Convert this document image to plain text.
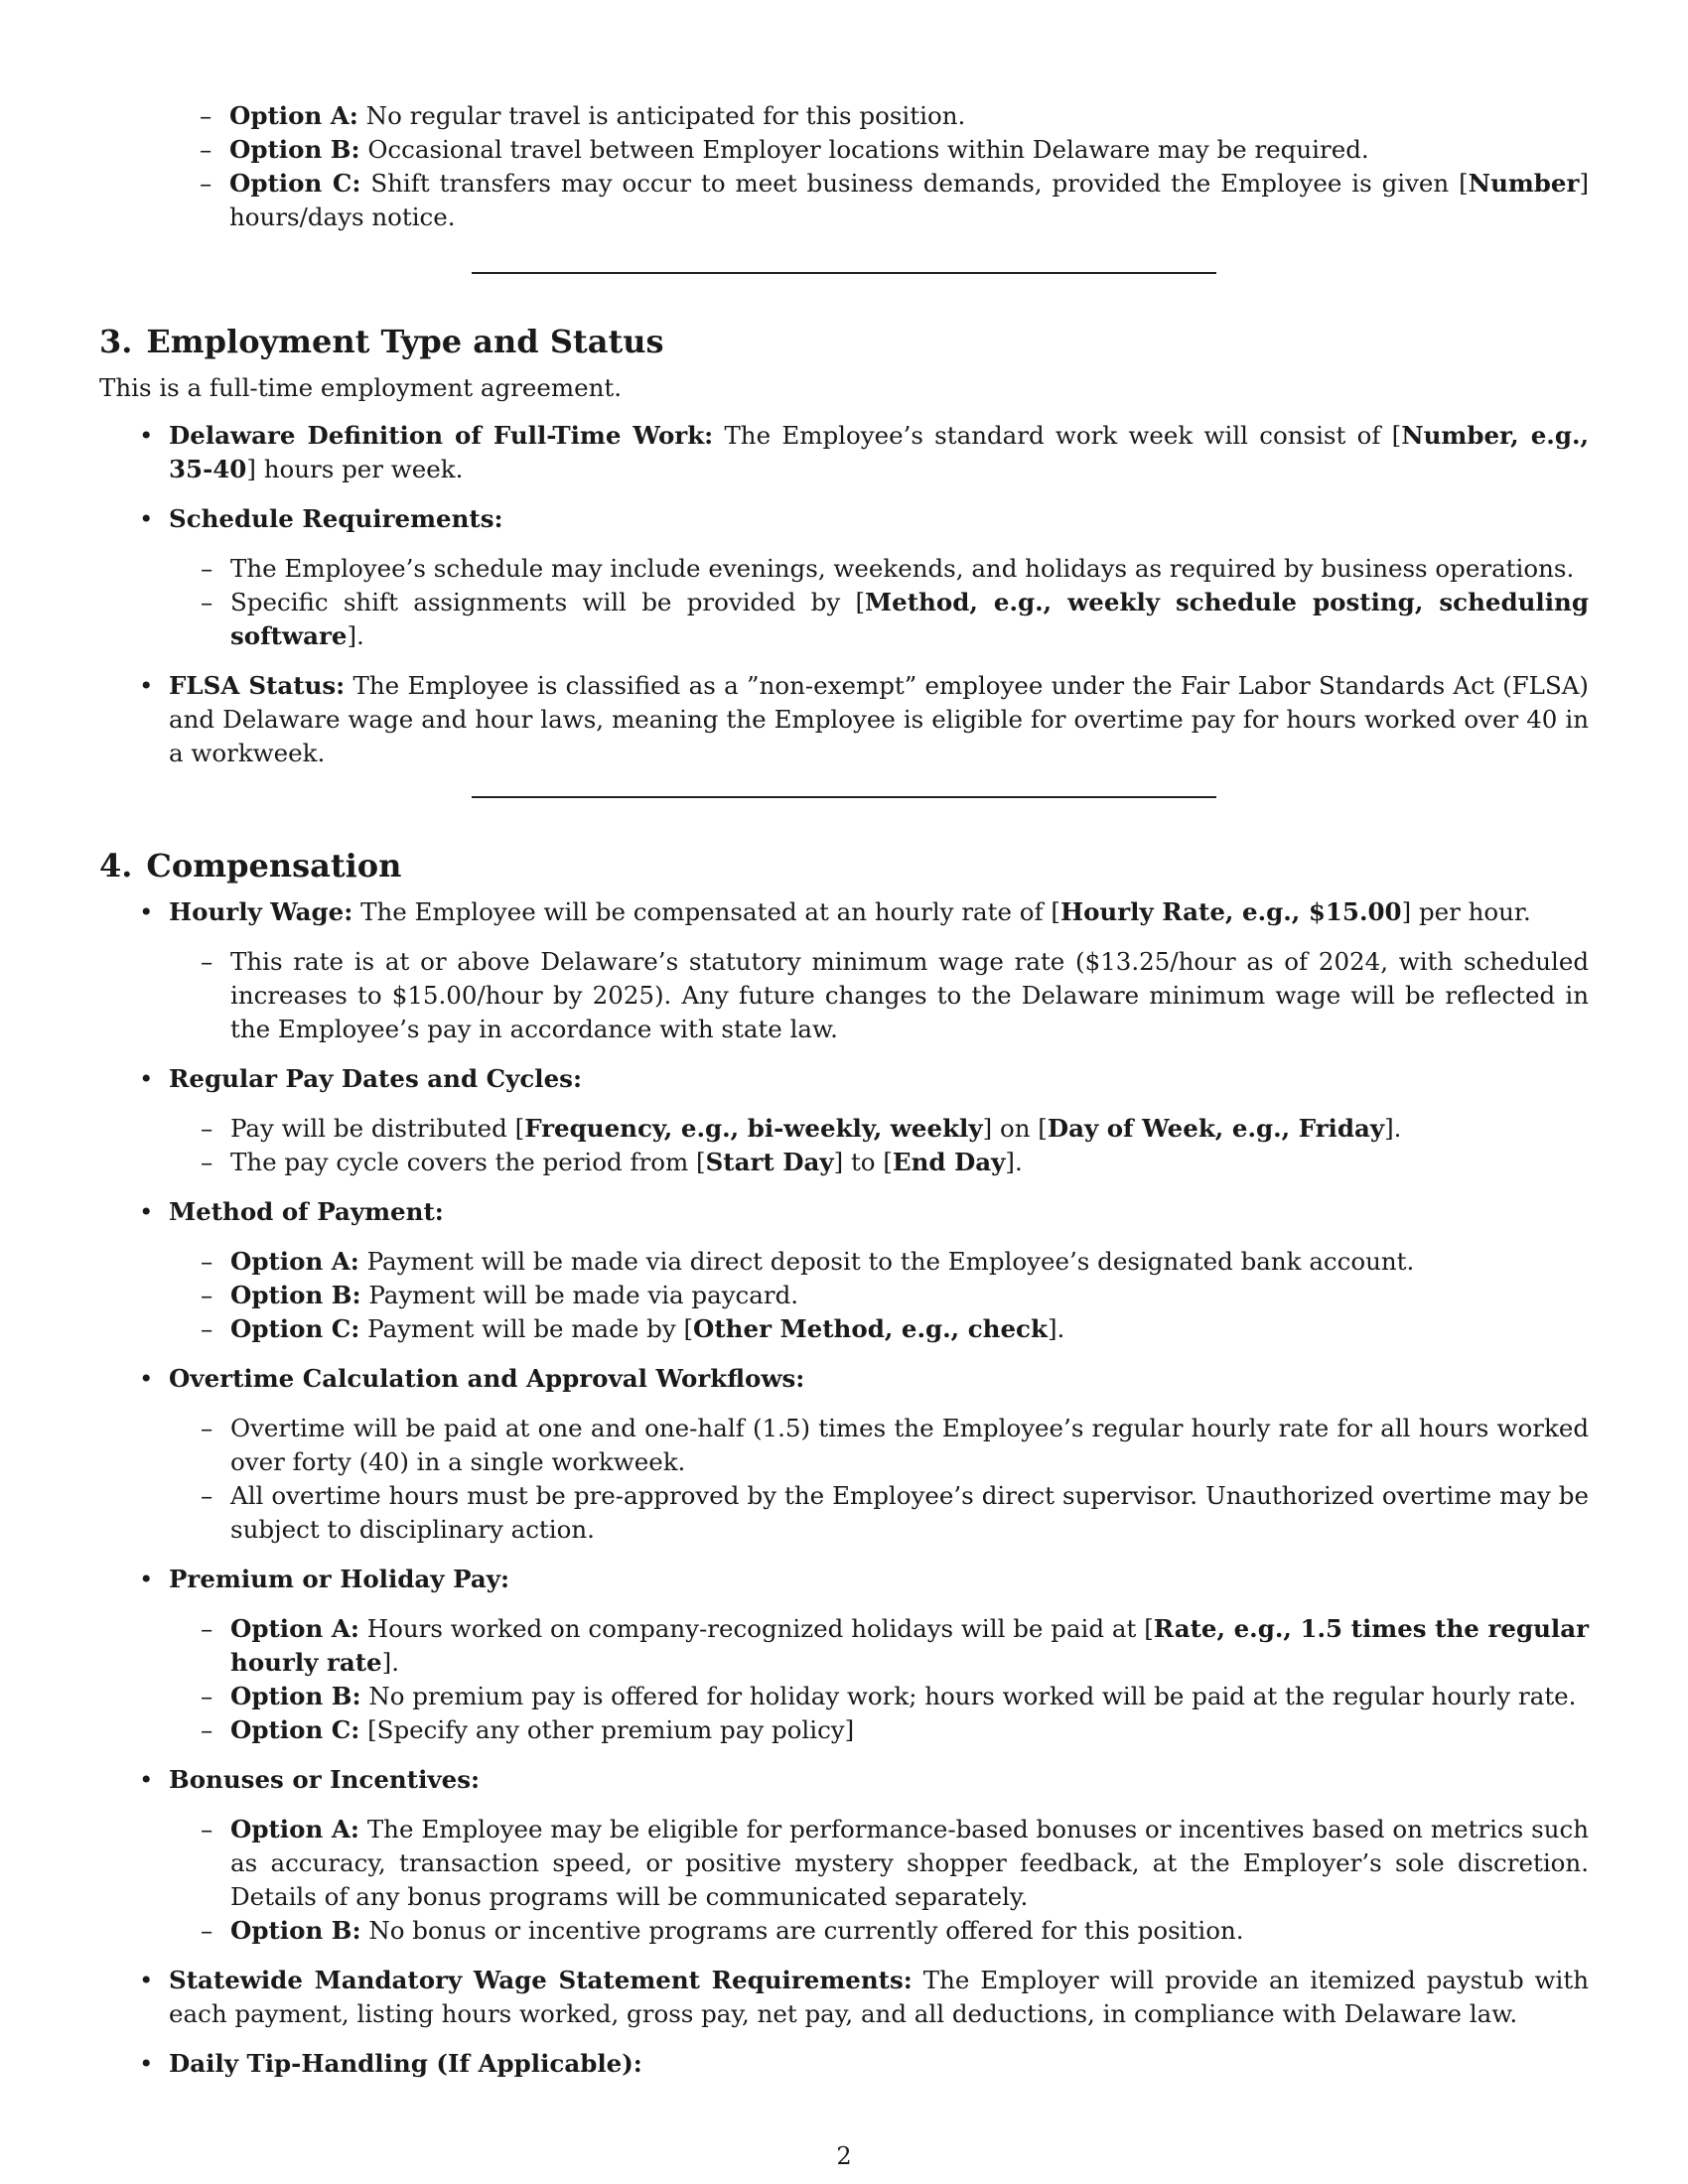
– Option A: No regular travel is anticipated for this position.
– Option B: Occasional travel between Employer locations within Delaware may be required.
– Option C: Shift transfers may occur to meet business demands, provided the Employee is given [Number] hours/days notice.
3. Employment Type and Status

This is a full-time employment agreement.

• Delaware Definition of Full-Time Work: The Employee’s standard work week will consist of [Number, e.g., 35-40] hours per week.
• Schedule Requirements:
– The Employee’s schedule may include evenings, weekends, and holidays as required by business operations.
– Specific shift assignments will be provided by [Method, e.g., weekly schedule posting, scheduling software].
• FLSA Status: The Employee is classified as a ”non-exempt” employee under the Fair Labor Standards Act (FLSA) and Delaware wage and hour laws, meaning the Employee is eligible for overtime pay for hours worked over 40 in a workweek.
4. Compensation
• Hourly Wage: The Employee will be compensated at an hourly rate of [Hourly Rate, e.g., $15.00] per hour.
– This rate is at or above Delaware’s statutory minimum wage rate ($13.25/hour as of 2024, with scheduled increases to $15.00/hour by 2025). Any future changes to the Delaware minimum wage will be reflected in the Employee’s pay in accordance with state law.
• Regular Pay Dates and Cycles:
– Pay will be distributed [Frequency, e.g., bi-weekly, weekly] on [Day of Week, e.g., Friday].
– The pay cycle covers the period from [Start Day] to [End Day].
• Method of Payment:
– Option A: Payment will be made via direct deposit to the Employee’s designated bank account.
– Option B: Payment will be made via paycard.
– Option C: Payment will be made by [Other Method, e.g., check].
• Overtime Calculation and Approval Workflows:
– Overtime will be paid at one and one-half (1.5) times the Employee’s regular hourly rate for all hours worked over forty (40) in a single workweek.
– All overtime hours must be pre-approved by the Employee’s direct supervisor. Unauthorized overtime may be subject to disciplinary action.
• Premium or Holiday Pay:
– Option A: Hours worked on company-recognized holidays will be paid at [Rate, e.g., 1.5 times the regular hourly rate].
– Option B: No premium pay is offered for holiday work; hours worked will be paid at the regular hourly rate.
– Option C: [Specify any other premium pay policy]
• Bonuses or Incentives:
– Option A: The Employee may be eligible for performance-based bonuses or incentives based on metrics such as accuracy, transaction speed, or positive mystery shopper feedback, at the Employer’s sole discretion. Details of any bonus programs will be communicated separately.
– Option B: No bonus or incentive programs are currently offered for this position.
• Statewide Mandatory Wage Statement Requirements: The Employer will provide an itemized paystub with each payment, listing hours worked, gross pay, net pay, and all deductions, in compliance with Delaware law.
• Daily Tip-Handling (If Applicable):
2
